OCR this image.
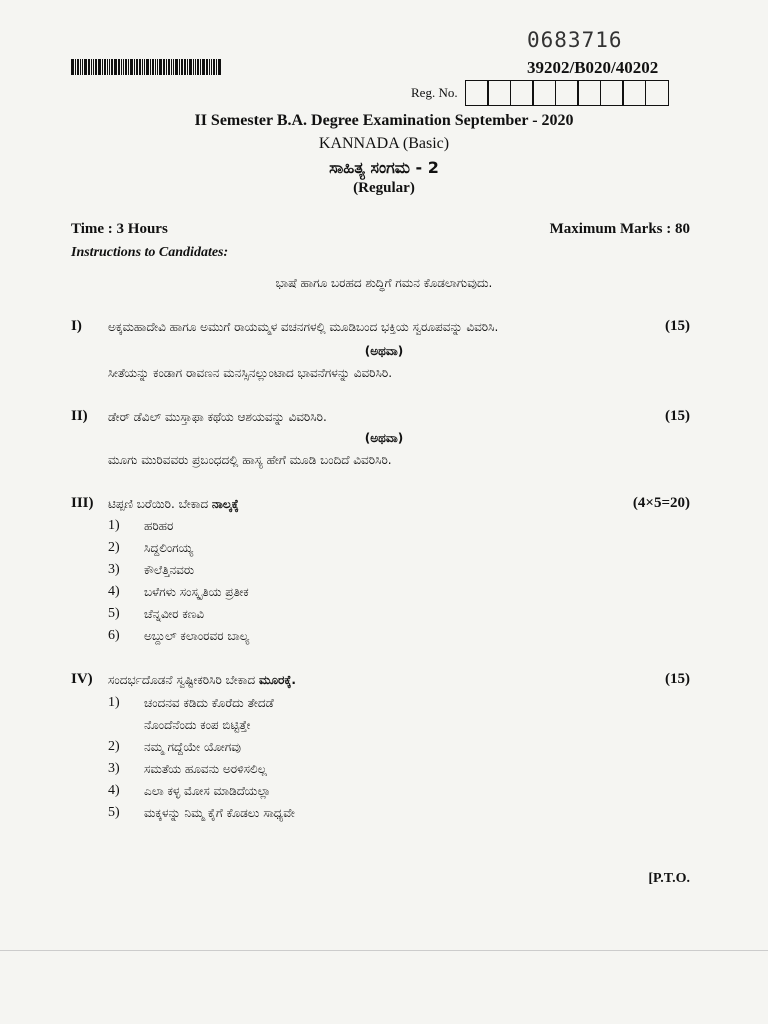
0683716
39202/B020/40202
Reg. No.
II Semester B.A. Degree Examination September - 2020
KANNADA (Basic)
ಸಾಹಿತ್ಯ ಸಂಗಮ - 2
(Regular)
Time : 3 Hours	Maximum Marks : 80
Instructions to Candidates:
ಭಾಷೆ ಹಾಗೂ ಬರಹದ ಶುದ್ಧಿಗೆ ಗಮನ ಕೊಡಲಾಗುವುದು.
I) ಅಕ್ಕಮಹಾದೇವಿ ಹಾಗೂ ಅಮುಗೆ ರಾಯಮ್ಮಳ ವಚನಗಳಲ್ಲಿ ಮೂಡಿಬಂದ ಭಕ್ತಿಯ ಸ್ವರೂಪವನ್ನು ವಿವರಿಸಿ.	(15)
(ಅಥವಾ)
ಸೀತೆಯನ್ನು ಕಂಡಾಗ ರಾವಣನ ಮನಸ್ಸಿನಲ್ಲುಂಟಾದ ಭಾವನೆಗಳನ್ನು ವಿವರಿಸಿರಿ.
II) ಡೇರ್ ಡೆವಿಲ್ ಮುಸ್ತಾಫಾ ಕಥೆಯ ಆಶಯವನ್ನು ವಿವರಿಸಿರಿ.	(15)
(ಅಥವಾ)
ಮೂಗು ಮುರಿವವರು ಪ್ರಬಂಧದಲ್ಲಿ ಹಾಸ್ಯ ಹೇಗೆ ಮೂಡಿ ಬಂದಿದೆ ವಿವರಿಸಿರಿ.
III) ಟಿಪ್ಪಣಿ ಬರೆಯಿರಿ. ಬೇಕಾದ ನಾಲ್ಕಕ್ಕೆ	(4×5=20)
1) ಹರಿಹರ
2) ಸಿದ್ದಲಿಂಗಯ್ಯ
3) ಕೌಲೆತ್ತಿನವರು
4) ಬಳೆಗಳು ಸಂಸ್ಕೃತಿಯ ಪ್ರತೀಕ
5) ಚೆನ್ನವೀರ ಕಣವಿ
6) ಅಬ್ದುಲ್ ಕಲಾಂರವರ ಬಾಲ್ಯ
IV) ಸಂದರ್ಭದೊಡನೆ ಸ್ವಷ್ಟೀಕರಿಸಿರಿ ಬೇಕಾದ ಮೂರಕ್ಕೆ.	(15)
1) ಚಂದನವ ಕಡಿದು ಕೊರೆದು ತೇದಡೆ
ನೊಂದೆನೆಂದು ಕಂಪ ಬಿಟ್ಟಿತ್ತೇ
2) ನಮ್ಮ ಗದ್ದೆಯೇ ಯೋಗವು
3) ಸಮತೆಯ ಹೂವನು ಅರಳಿಸಲಿಲ್ಲ
4) ಎಲಾ ಕಳ್ಳ ಮೋಸ ಮಾಡಿದೆಯಲ್ಲಾ
5) ಮಕ್ಕಳನ್ನು ನಿಮ್ಮ ಕೈಗೆ ಕೊಡಲು ಸಾಧ್ಯವೇ
[P.T.O.
